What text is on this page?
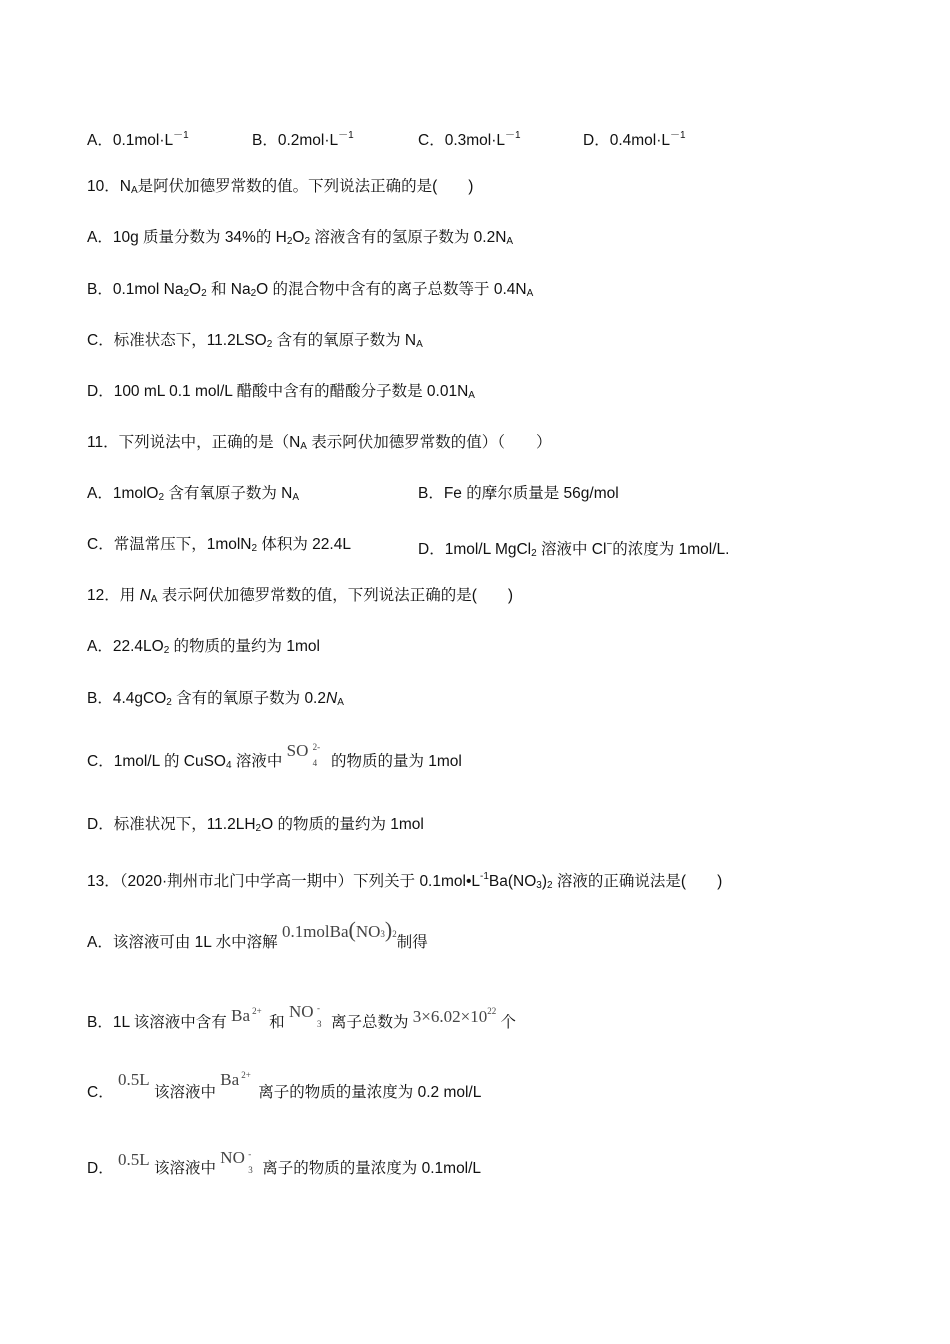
A．$0.1mol\cdot L^{-1}$	B．$0.2mol\cdot L^{-1}$	C．$0.3mol\cdot L^{-1}$	D．$0.4mol\cdot L^{-1}$
10．$N_A$是阿伏加德罗常数的值。下列说法正确的是(　　)
A．10g 质量分数为 34%的 $H_2O_2$ 溶液含有的氢原子数为 $0.2N_A$
B．0.1mol $Na_2O_2$ 和 $Na_2O$ 的混合物中含有的离子总数等于 $0.4N_A$
C．标准状态下，$11.2LSO_2$ 含有的氧原子数为 $N_A$
D．100 mL 0.1 mol/L 醋酸中含有的醋酸分子数是 $0.01N_A$
11．下列说法中，正确的是（$N_A$ 表示阿伏加德罗常数的值）（　　）
A．1molO$_2$ 含有氧原子数为 $N_A$	B．Fe 的摩尔质量是 56g/mol
C．常温常压下，1molN$_2$ 体积为 22.4L	D．1mol/L MgCl$_2$ 溶液中 Cl−的浓度为 1mol/L.
12．用 $N_A$ 表示阿伏加德罗常数的值，下列说法正确的是(　　)
A．$22.4LO_2$ 的物质的量约为 1mol
B．4.4gCO$_2$ 含有的氧原子数为 $0.2N_A$
C．1mol/L 的 CuSO$_4$ 溶液中 SO 2-
4 的物质的量为 1mol
D．标准状况下，$11.2LH_2O$ 的物质的量约为 1mol
13．（2020·荆州市北门中学高一期中）下列关于 $0.1mol•L^{-1}Ba(NO_3)_2$ 溶液的正确说法是(　　)
A．该溶液可由 1L 水中溶解 0.1molBa(NO3)2制得
B．1L 该溶液中含有 Ba 2+
和 NO -
3 离子总数为 $3\times 6.02\times 10^{22}$ 个
C． 0.5L 该溶液中 Ba 2+
离子的物质的量浓度为 0.2 mol/L
D． 0.5L 该溶液中 NO -
3 离子的物质的量浓度为 0.1mol/L
